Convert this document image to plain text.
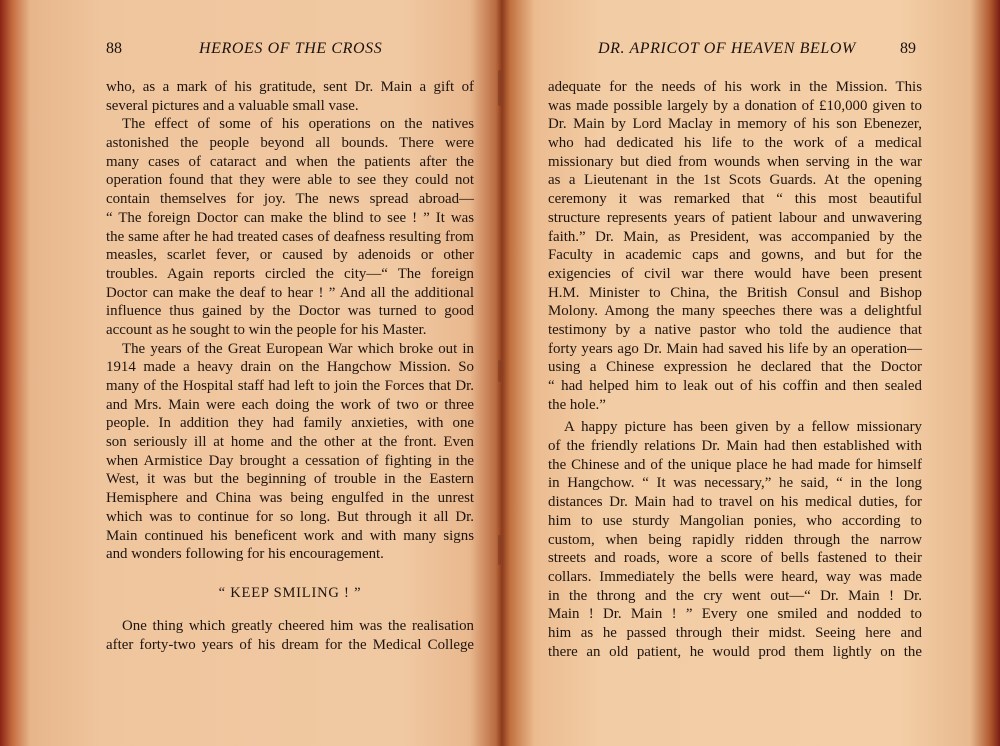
88	HEROES OF THE CROSS
who, as a mark of his gratitude, sent Dr. Main a gift of
several pictures and a valuable small vase.
The effect of some of his operations on the natives
astonished the people beyond all bounds. There were
many cases of cataract and when the patients after the
operation found that they were able to see they could not
contain themselves for joy. The news spread abroad—
“ The foreign Doctor can make the blind to see ! ” It was
the same after he had treated cases of deafness resulting from
measles, scarlet fever, or caused by adenoids or other
troubles. Again reports circled the city—“ The foreign
Doctor can make the deaf to hear ! ” And all the additional
influence thus gained by the Doctor was turned to good
account as he sought to win the people for his Master.
The years of the Great European War which broke out in
1914 made a heavy drain on the Hangchow Mission. So
many of the Hospital staff had left to join the Forces that Dr.
and Mrs. Main were each doing the work of two or three
people. In addition they had family anxieties, with one
son seriously ill at home and the other at the front. Even
when Armistice Day brought a cessation of fighting in the
West, it was but the beginning of trouble in the Eastern
Hemisphere and China was being engulfed in the unrest
which was to continue for so long. But through it all Dr.
Main continued his beneficent work and with many signs
and wonders following for his encouragement.
“ KEEP SMILING ! ”
One thing which greatly cheered him was the realisation
after forty-two years of his dream for the Medical College
DR. APRICOT OF HEAVEN BELOW	89
adequate for the needs of his work in the Mission. This
was made possible largely by a donation of £10,000 given to
Dr. Main by Lord Maclay in memory of his son Ebenezer,
who had dedicated his life to the work of a medical
missionary but died from wounds when serving in the war
as a Lieutenant in the 1st Scots Guards. At the opening
ceremony it was remarked that “ this most beautiful
structure represents years of patient labour and unwavering
faith.” Dr. Main, as President, was accompanied by the
Faculty in academic caps and gowns, and but for the
exigencies of civil war there would have been present
H.M. Minister to China, the British Consul and Bishop
Molony. Among the many speeches there was a delightful
testimony by a native pastor who told the audience that
forty years ago Dr. Main had saved his life by an operation—
using a Chinese expression he declared that the Doctor
“ had helped him to leak out of his coffin and then sealed
the hole.”
A happy picture has been given by a fellow missionary
of the friendly relations Dr. Main had then established with
the Chinese and of the unique place he had made for himself
in Hangchow. “ It was necessary,” he said, “ in the long
distances Dr. Main had to travel on his medical duties, for
him to use sturdy Mangolian ponies, who according to
custom, when being rapidly ridden through the narrow
streets and roads, wore a score of bells fastened to their
collars. Immediately the bells were heard, way was made
in the throng and the cry went out—“ Dr. Main ! Dr.
Main ! Dr. Main ! ” Every one smiled and nodded to
him as he passed through their midst. Seeing here and
there an old patient, he would prod them lightly on the
